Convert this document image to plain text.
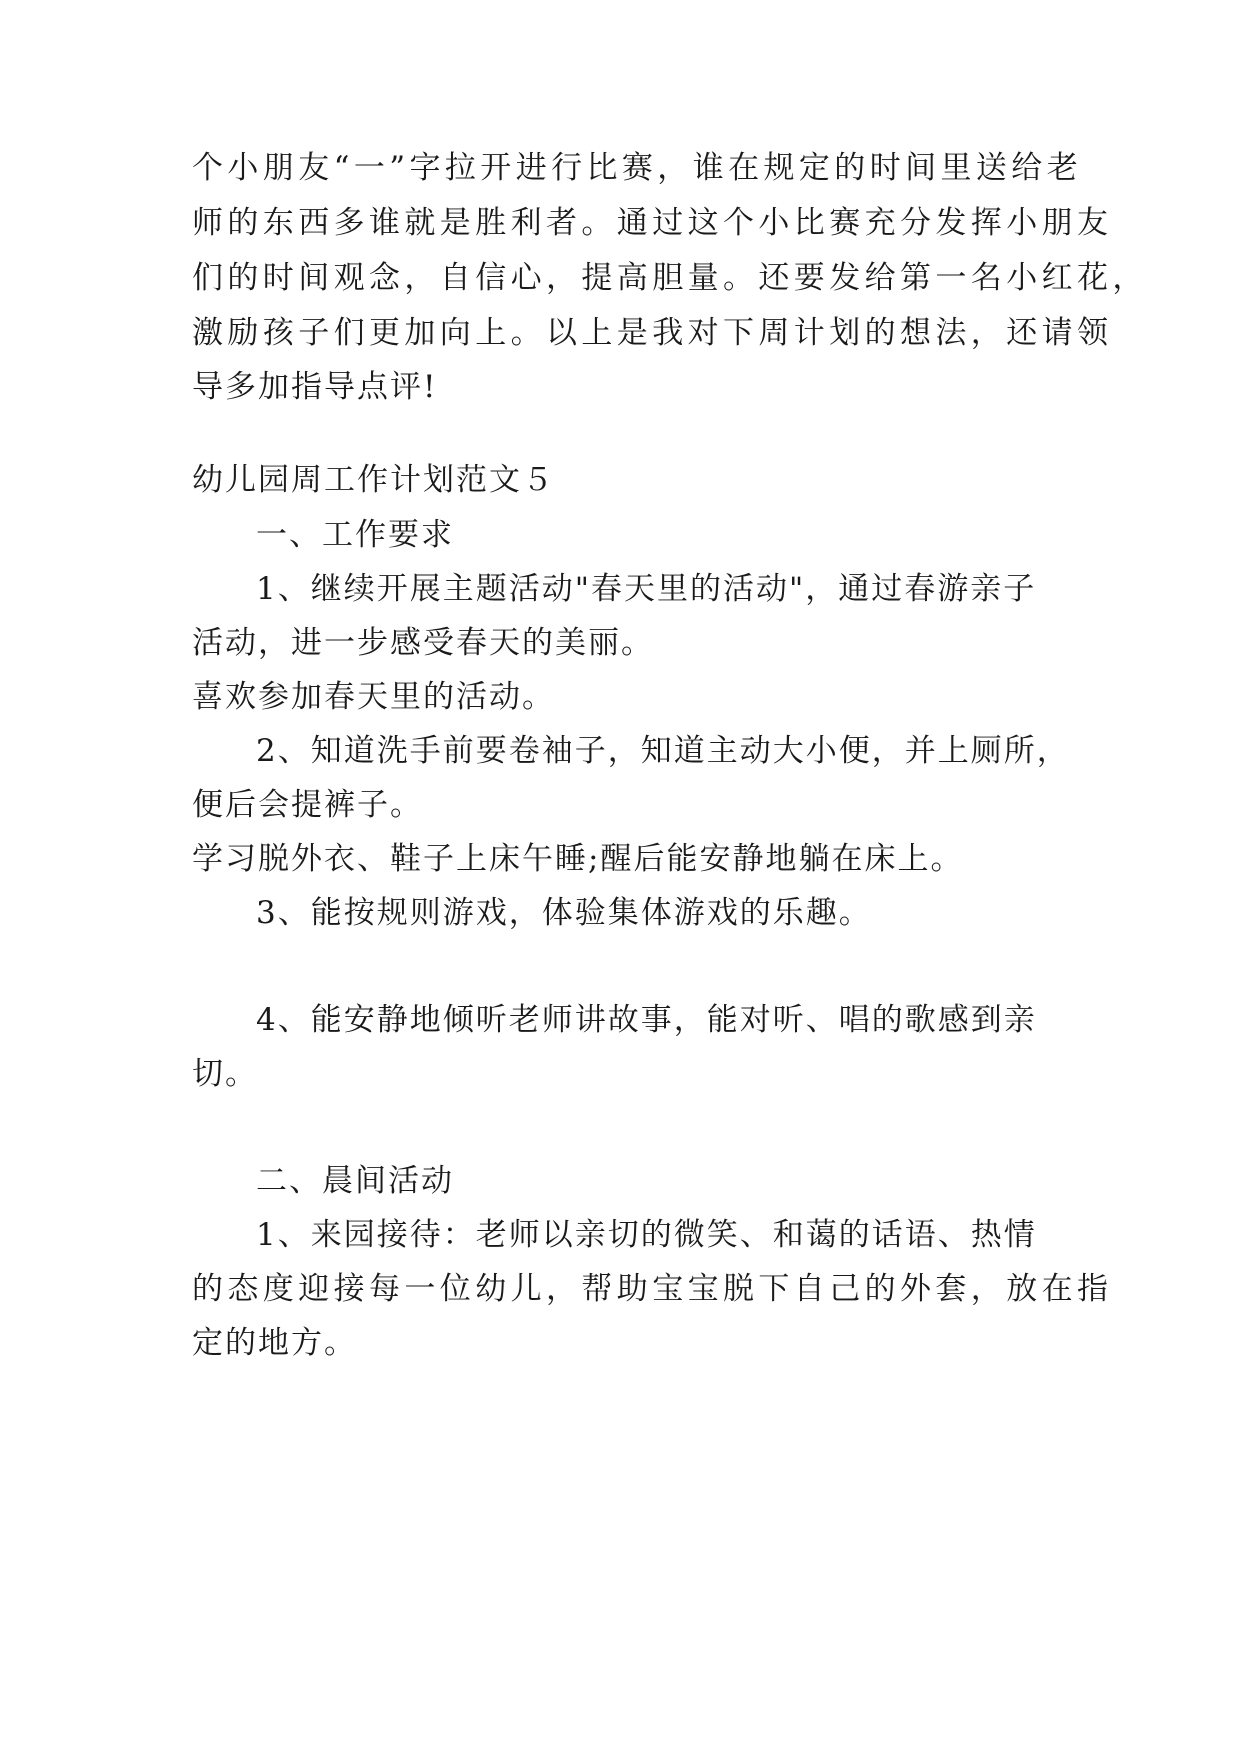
个小朋友“一”字拉开进行比赛，谁在规定的时间里送给老
师的东西多谁就是胜利者。通过这个小比赛充分发挥小朋友
们的时间观念，自信心，提高胆量。还要发给第一名小红花，
激励孩子们更加向上。以上是我对下周计划的想法，还请领
导多加指导点评!
幼儿园周工作计划范文５
一、工作要求
1、继续开展主题活动"春天里的活动"，通过春游亲子
活动，进一步感受春天的美丽。
喜欢参加春天里的活动。
2、知道洗手前要卷袖子，知道主动大小便，并上厕所，
便后会提裤子。
学习脱外衣、鞋子上床午睡;醒后能安静地躺在床上。
3、能按规则游戏，体验集体游戏的乐趣。
4、能安静地倾听老师讲故事，能对听、唱的歌感到亲
切。
二、晨间活动
1、来园接待：老师以亲切的微笑、和蔼的话语、热情
的态度迎接每一位幼儿，帮助宝宝脱下自己的外套，放在指
定的地方。
